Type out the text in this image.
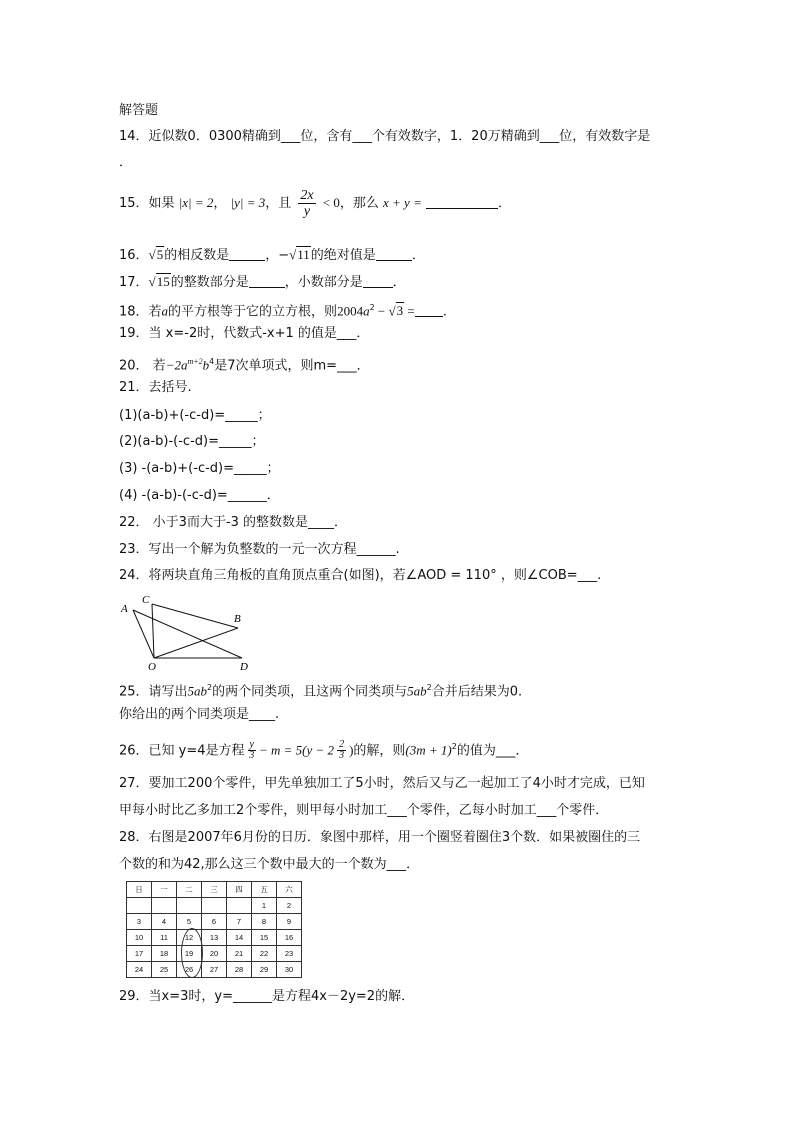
解答题
14．近似数0．0300精确到___位，含有___个有效数字，1．20万精确到___位，有效数字是
．
15．如果 |x| = 2， |y| = 3，且 $\frac{2x}{y} < 0$，那么 x + y =	．
16．√5的相反数是	，−√11的绝对值是	．
17．√15的整数部分是	，小数部分是 ．
18．若a的平方根等于它的立方根，则$2004a^2 - √3$ = .
19．当 x=-2时，代数式-x+1 的值是___．
20． 若$-2a^{m+2}b^4$是7次单项式，则m=___．
21．去括号.
(1)(a-b)+(-c-d)=_____；
(2)(a-b)-(-c-d)=_____；
(3) -(a-b)+(-c-d)=_____；
(4) -(a-b)-(-c-d)=______．
22． 小于3而大于-3 的整数数是____．
23．写出一个解为负整数的一元一次方程______.
24．将两块直角三角板的直角顶点重合(如图)，若∠AOD = 110° ，则∠COB=___.
A
C
B
O	D
25．请写出$5ab^2$的两个同类项，且这两个同类项与$5ab^2$合并后结果为0.
你给出的两个同类项是____.
26．已知 y=4是方程 $\frac{y}{3} - m = 5(y - 2 \frac{2}{3}$ )的解，则$(3m + 1)^2$的值为___．
27．要加工200个零件，甲先单独加工了5小时，然后又与乙一起加工了4小时才完成，已知
甲每小时比乙多加工2个零件，则甲每小时加工___个零件，乙每小时加工___个零件．
28．右图是2007年6月份的日历．象图中那样，用一个圈竖着圈住3个数．如果被圈住的三
个数的和为42,那么这三个数中最大的一个数为___．
日	一	二	三	四	五	六
					1	2
3	4	5	6	7	8	9
10	11	12	13	14	15	16
17	18	19	20	21	22	23
24	25	26	27	28	29	30
29．当x=3时，y=______是方程4x－2y=2的解．
